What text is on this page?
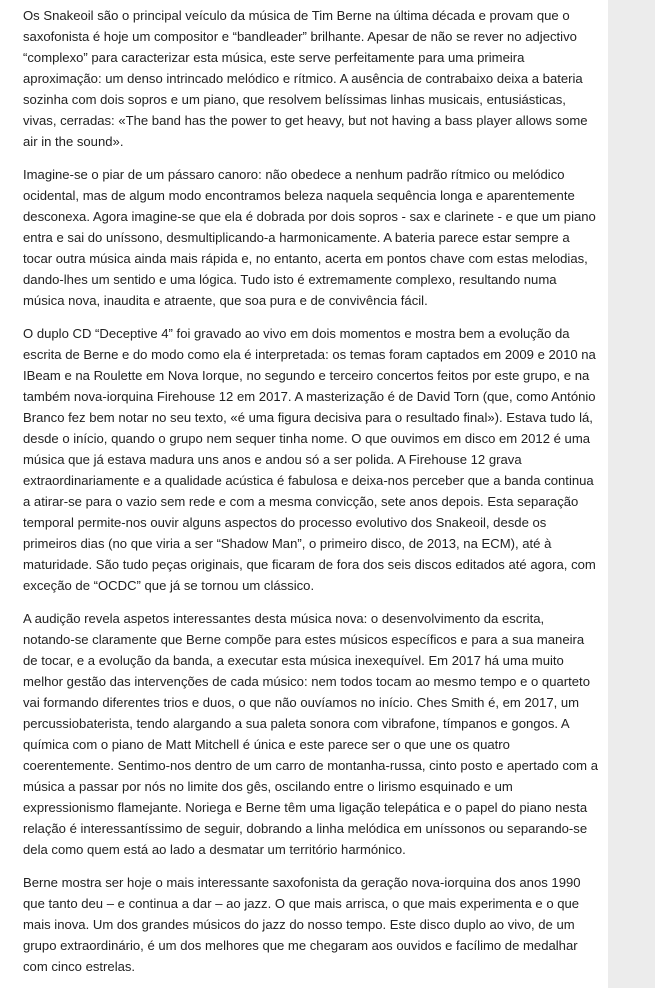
Os Snakeoil são o principal veículo da música de Tim Berne na última década e provam que o saxofonista é hoje um compositor e “bandleader” brilhante. Apesar de não se rever no adjectivo “complexo” para caracterizar esta música, este serve perfeitamente para uma primeira aproximação: um denso intrincado melódico e rítmico. A ausência de contrabaixo deixa a bateria sozinha com dois sopros e um piano, que resolvem belíssimas linhas musicais, entusiásticas, vivas, cerradas: «The band has the power to get heavy, but not having a bass player allows some air in the sound».

Imagine-se o piar de um pássaro canoro: não obedece a nenhum padrão rítmico ou melódico ocidental, mas de algum modo encontramos beleza naquela sequência longa e aparentemente desconexa. Agora imagine-se que ela é dobrada por dois sopros - sax e clarinete - e que um piano entra e sai do uníssono, desmultiplicando-a harmonicamente. A bateria parece estar sempre a tocar outra música ainda mais rápida e, no entanto, acerta em pontos chave com estas melodias, dando-lhes um sentido e uma lógica. Tudo isto é extremamente complexo, resultando numa música nova, inaudita e atraente, que soa pura e de convivência fácil.

O duplo CD “Deceptive 4” foi gravado ao vivo em dois momentos e mostra bem a evolução da escrita de Berne e do modo como ela é interpretada: os temas foram captados em 2009 e 2010 na IBeam e na Roulette em Nova Iorque, no segundo e terceiro concertos feitos por este grupo, e na também nova-iorquina Firehouse 12 em 2017. A masterização é de David Torn (que, como António Branco fez bem notar no seu texto, «é uma figura decisiva para o resultado final»). Estava tudo lá, desde o início, quando o grupo nem sequer tinha nome. O que ouvimos em disco em 2012 é uma música que já estava madura uns anos e andou só a ser polida. A Firehouse 12 grava extraordinariamente e a qualidade acústica é fabulosa e deixa-nos perceber que a banda continua a atirar-se para o vazio sem rede e com a mesma convicção, sete anos depois. Esta separação temporal permite-nos ouvir alguns aspectos do processo evolutivo dos Snakeoil, desde os primeiros dias (no que viria a ser “Shadow Man”, o primeiro disco, de 2013, na ECM), até à maturidade. São tudo peças originais, que ficaram de fora dos seis discos editados até agora, com exceção de “OCDC” que já se tornou um clássico.

A audição revela aspetos interessantes desta música nova: o desenvolvimento da escrita, notando-se claramente que Berne compõe para estes músicos específicos e para a sua maneira de tocar, e a evolução da banda, a executar esta música inexequível. Em 2017 há uma muito melhor gestão das intervenções de cada músico: nem todos tocam ao mesmo tempo e o quarteto vai formando diferentes trios e duos, o que não ouvíamos no início. Ches Smith é, em 2017, um percussiobaterista, tendo alargando a sua paleta sonora com vibrafone, tímpanos e gongos. A química com o piano de Matt Mitchell é única e este parece ser o que une os quatro coerentemente. Sentimo-nos dentro de um carro de montanha-russa, cinto posto e apertado com a música a passar por nós no limite dos gês, oscilando entre o lirismo esquinado e um expressionismo flamejante. Noriega e Berne têm uma ligação telepática e o papel do piano nesta relação é interessantíssimo de seguir, dobrando a linha melódica em uníssonos ou separando-se dela como quem está ao lado a desmatar um território harmónico.

Berne mostra ser hoje o mais interessante saxofonista da geração nova-iorquina dos anos 1990 que tanto deu – e continua a dar – ao jazz. O que mais arrisca, o que mais experimenta e o que mais inova. Um dos grandes músicos do jazz do nosso tempo. Este disco duplo ao vivo, de um grupo extraordinário, é um dos melhores que me chegaram aos ouvidos e facílimo de medalhar com cinco estrelas.
